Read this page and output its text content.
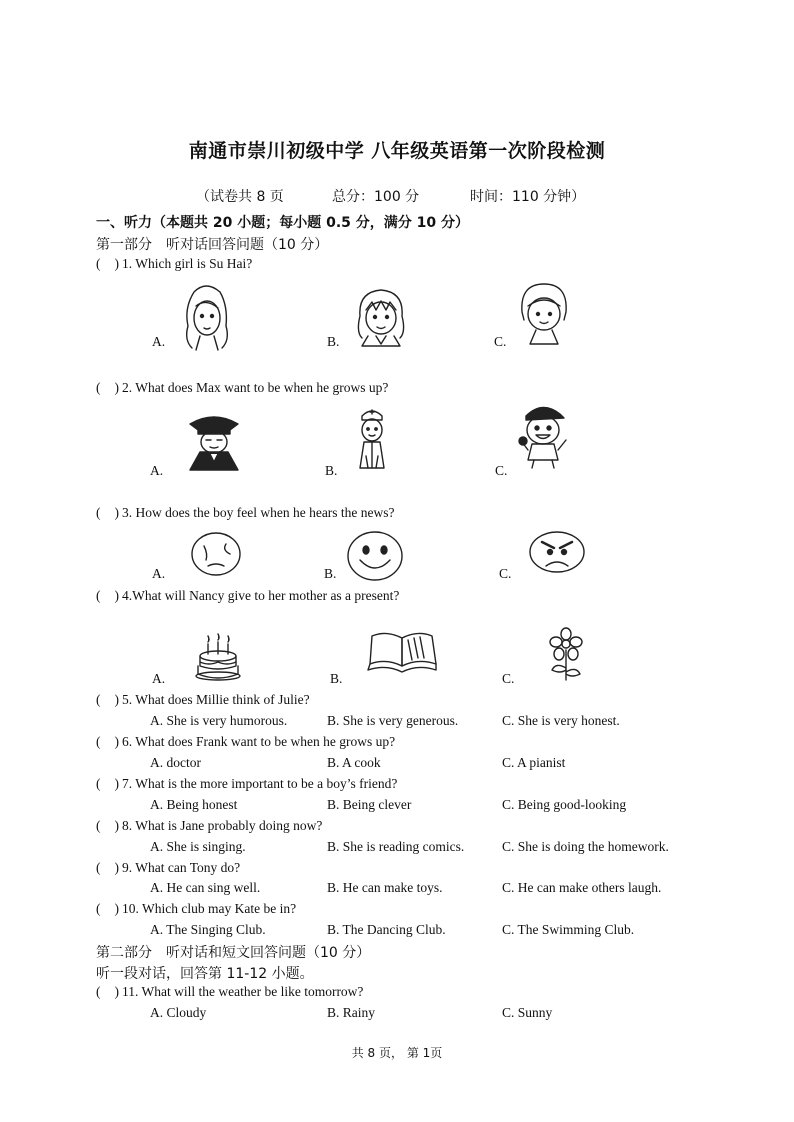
南通市崇川初级中学 八年级英语第一次阶段检测
（试卷共 8 页	总分：100 分	时间：110 分钟）
一、听力（本题共 20 小题；每小题 0.5 分，满分 10 分）
第一部分　听对话回答问题（10 分）
( ) 1. Which girl is Su Hai?
A.	B.	C.
( ) 2. What does Max want to be when he grows up?
A.	B.	C.
( ) 3. How does the boy feel when he hears the news?
A.	B.	C.
( ) 4.What will Nancy give to her mother as a present?
A.	B.	C.
( ) 5. What does Millie think of Julie?
A. She is very humorous.	B. She is very generous.	C. She is very honest.
( ) 6. What does Frank want to be when he grows up?
A. doctor	B. A cook	C. A pianist
( ) 7. What is the more important to be a boy’s friend?
A. Being honest	B. Being clever	C. Being good-looking
( ) 8. What is Jane probably doing now?
A. She is singing.	B. She is reading comics.	C. She is doing the homework.
( ) 9. What can Tony do?
A. He can sing well.	B. He can make toys.	C. He can make others laugh.
( ) 10. Which club may Kate be in?
A. The Singing Club.	B. The Dancing Club.	C. The Swimming Club.
第二部分　听对话和短文回答问题（10 分）
听一段对话，回答第 11-12 小题。
( ) 11. What will the weather be like tomorrow?
A. Cloudy	B. Rainy	C. Sunny
共 8 页， 第 1页
